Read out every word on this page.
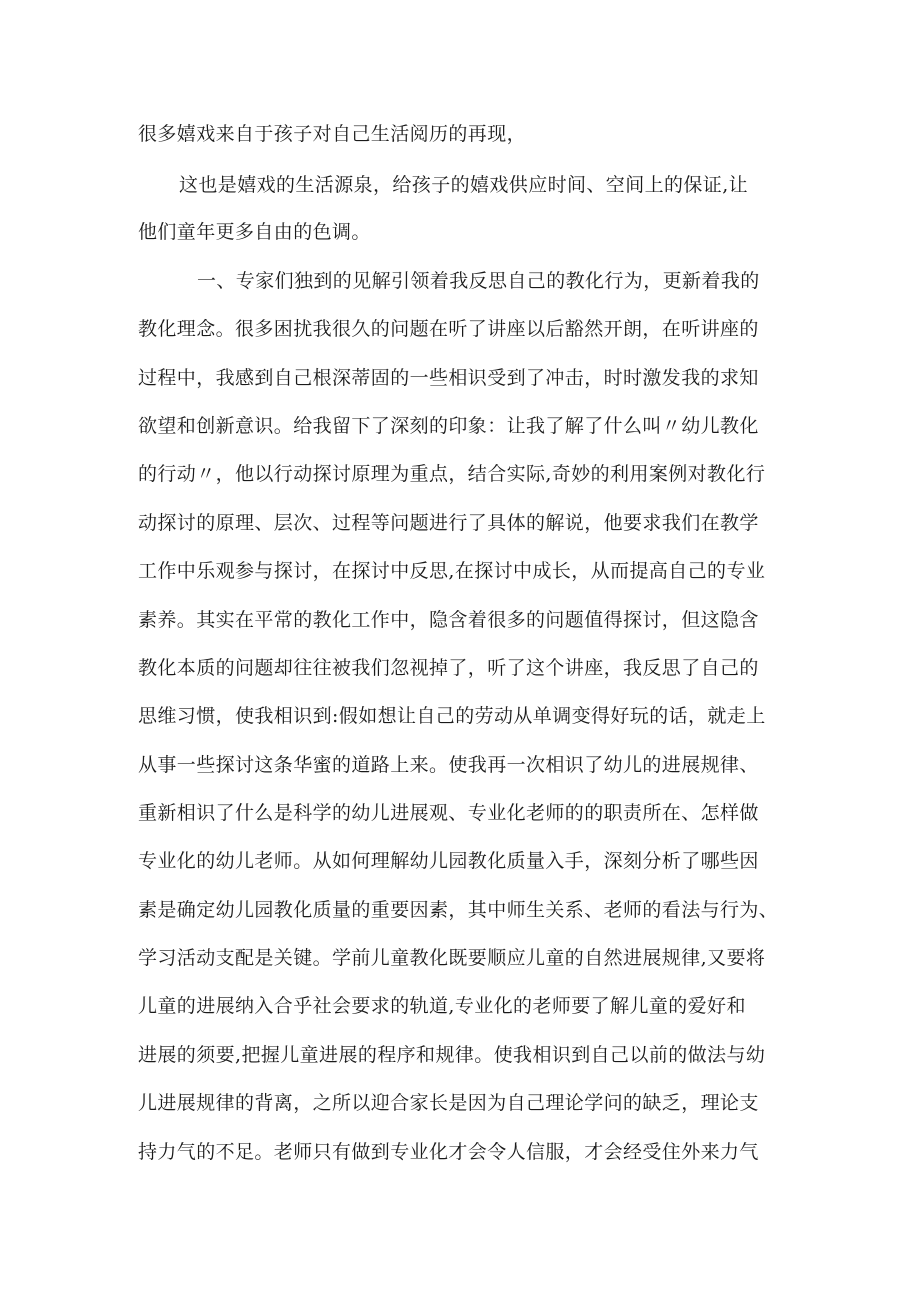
很多嬉戏来自于孩子对自己生活阅历的再现，
这也是嬉戏的生活源泉，给孩子的嬉戏供应时间、空间上的保证,让
他们童年更多自由的色调。
一、专家们独到的见解引领着我反思自己的教化行为，更新着我的
教化理念。很多困扰我很久的问题在听了讲座以后豁然开朗，在听讲座的
过程中，我感到自己根深蒂固的一些相识受到了冲击，时时激发我的求知
欲望和创新意识。给我留下了深刻的印象：让我了解了什么叫〃幼儿教化
的行动〃，他以行动探讨原理为重点，结合实际,奇妙的利用案例对教化行
动探讨的原理、层次、过程等问题进行了具体的解说，他要求我们在教学
工作中乐观参与探讨，在探讨中反思,在探讨中成长，从而提高自己的专业
素养。其实在平常的教化工作中，隐含着很多的问题值得探讨，但这隐含
教化本质的问题却往往被我们忽视掉了，听了这个讲座，我反思了自己的
思维习惯，使我相识到:假如想让自己的劳动从单调变得好玩的话，就走上
从事一些探讨这条华蜜的道路上来。使我再一次相识了幼儿的进展规律、
重新相识了什么是科学的幼儿进展观、专业化老师的的职责所在、怎样做
专业化的幼儿老师。从如何理解幼儿园教化质量入手，深刻分析了哪些因
素是确定幼儿园教化质量的重要因素，其中师生关系、老师的看法与行为、
学习活动支配是关键。学前儿童教化既要顺应儿童的自然进展规律,又要将
儿童的进展纳入合乎社会要求的轨道,专业化的老师要了解儿童的爱好和
进展的须要,把握儿童进展的程序和规律。使我相识到自己以前的做法与幼
儿进展规律的背离，之所以迎合家长是因为自己理论学问的缺乏，理论支
持力气的不足。老师只有做到专业化才会令人信服，才会经受住外来力气
